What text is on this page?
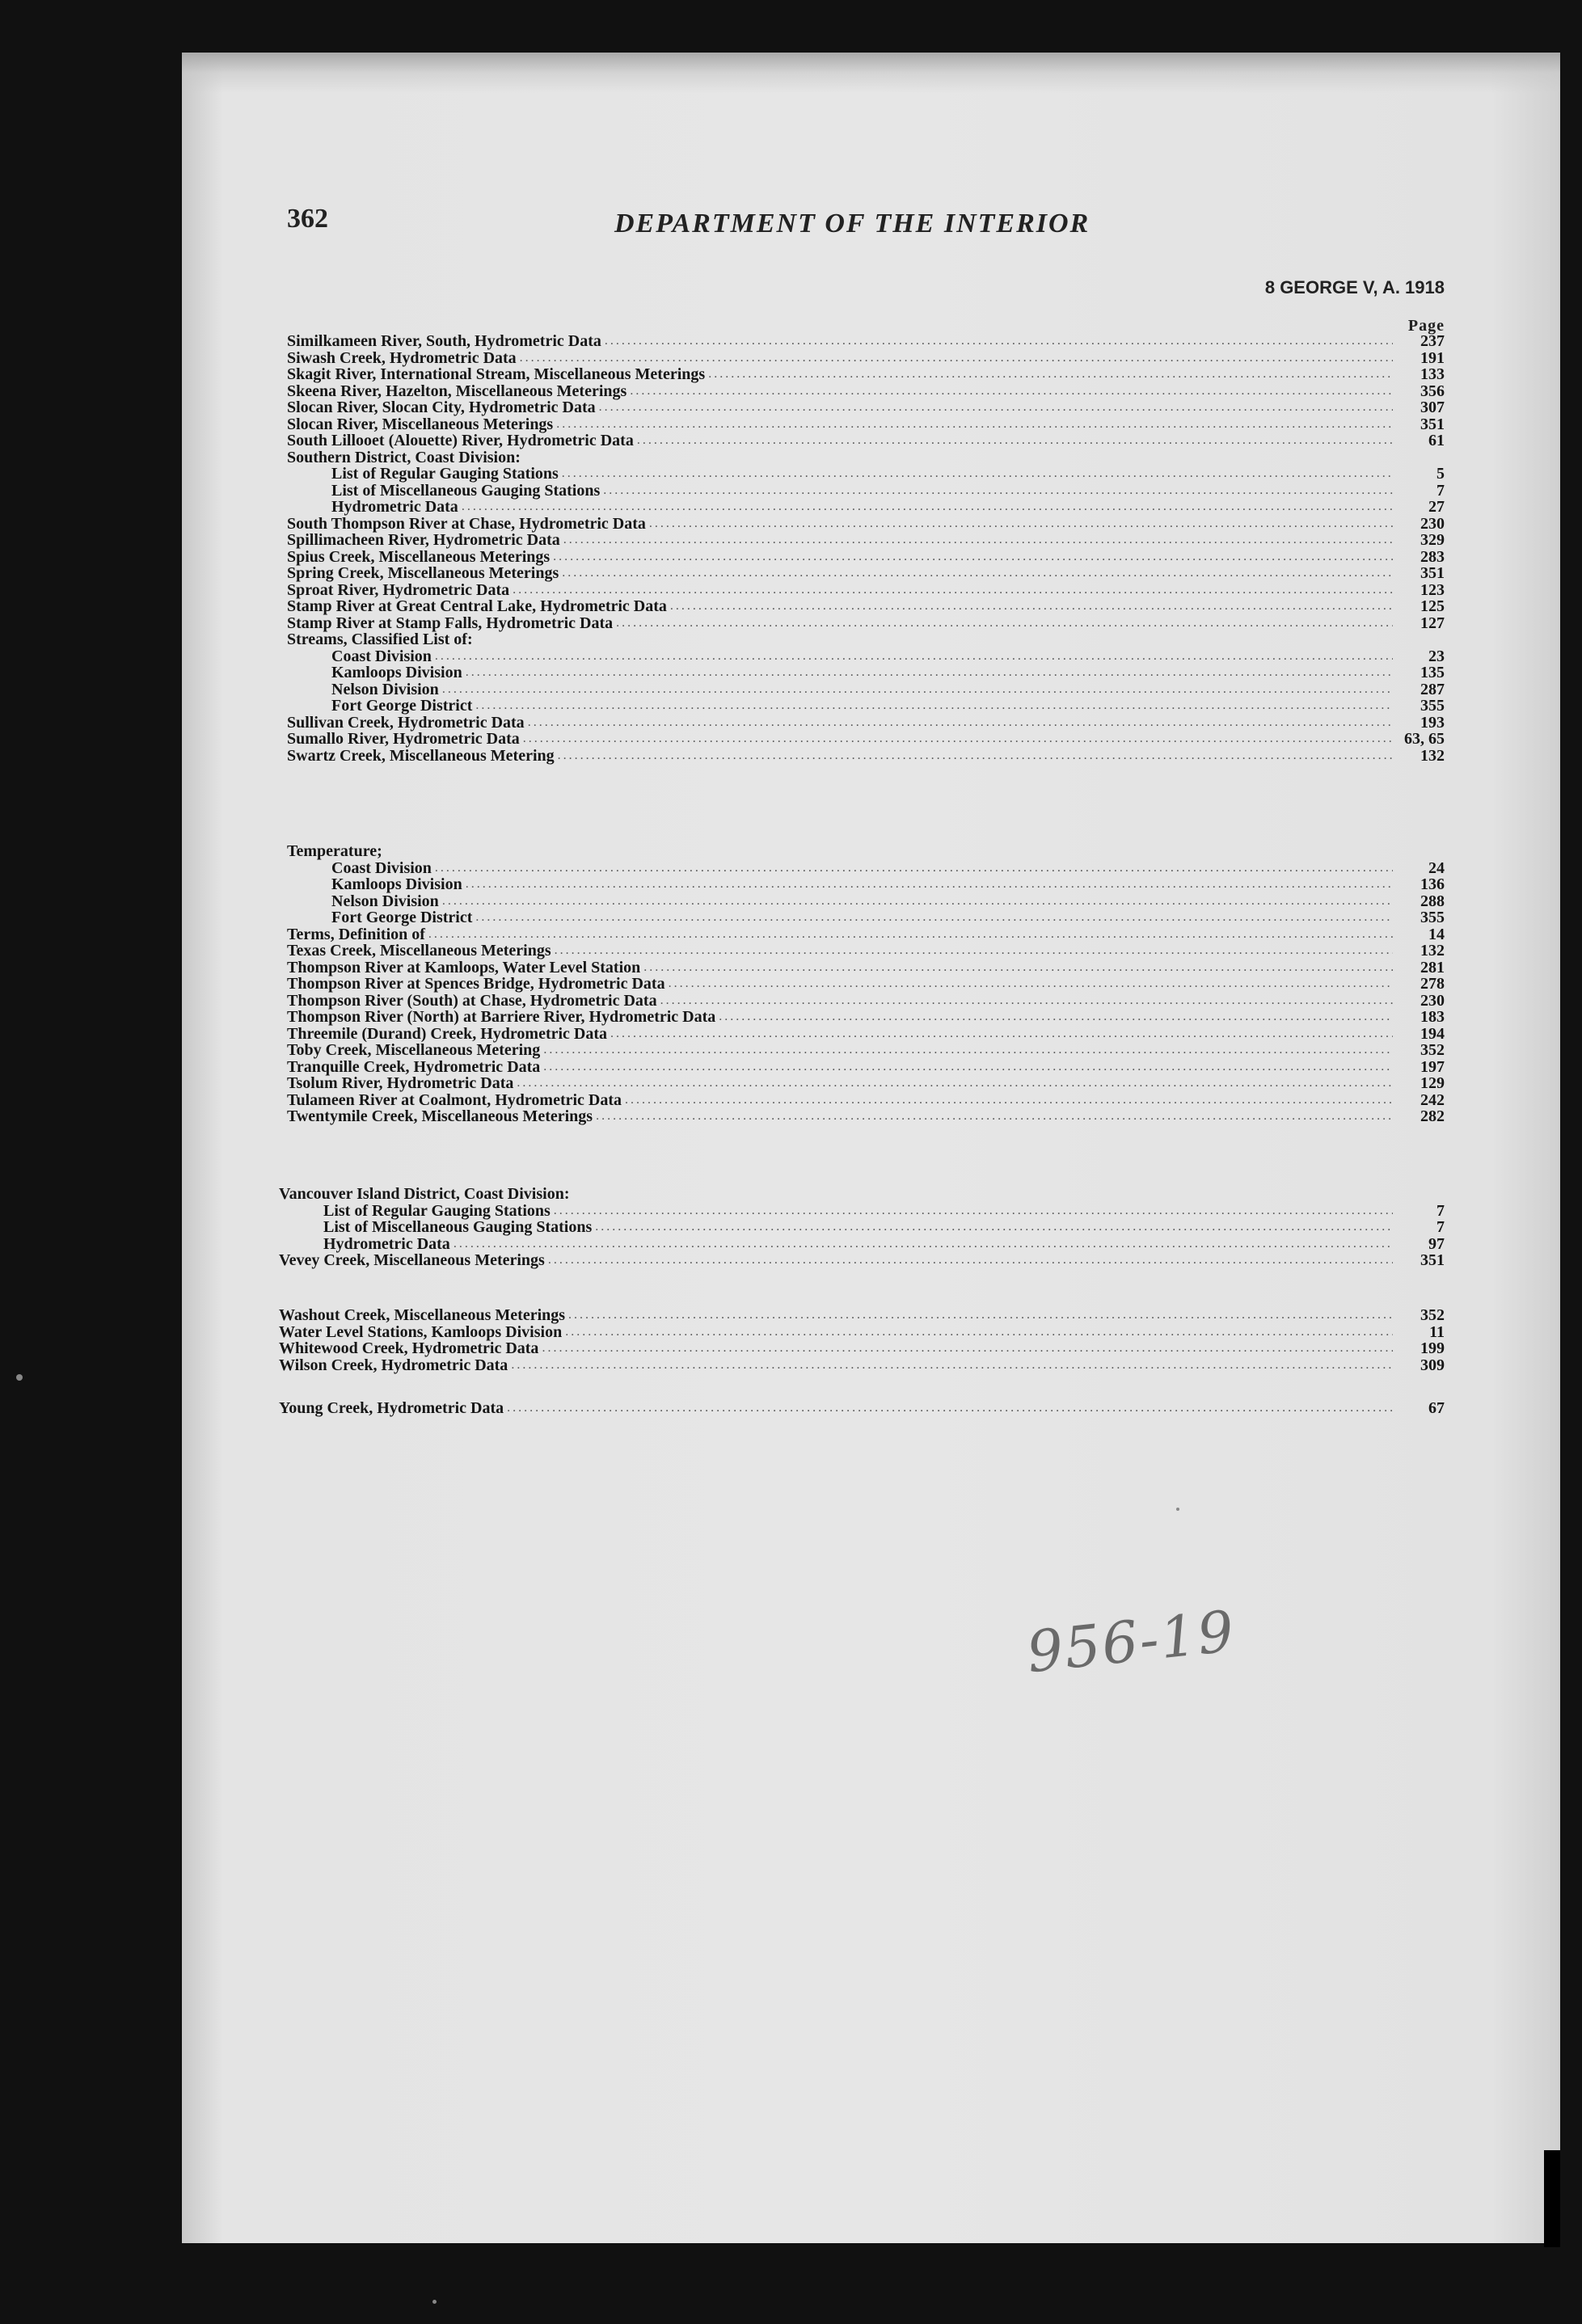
362	DEPARTMENT OF THE INTERIOR
8 GEORGE V, A. 1918
Page
Similkameen River, South, Hydrometric Data .....	237
Siwash Creek, Hydrometric Data .....	191
Skagit River, International Stream, Miscellaneous Meterings .....	133
Skeena River, Hazelton, Miscellaneous Meterings .....	356
Slocan River, Slocan City, Hydrometric Data .....	307
Slocan River, Miscellaneous Meterings .....	351
South Lillooet (Alouette) River, Hydrometric Data .....	61
Southern District, Coast Division:
List of Regular Gauging Stations .....	5
List of Miscellaneous Gauging Stations .....	7
Hydrometric Data .....	27
South Thompson River at Chase, Hydrometric Data .....	230
Spillimacheen River, Hydrometric Data .....	329
Spius Creek, Miscellaneous Meterings .....	283
Spring Creek, Miscellaneous Meterings .....	351
Sproat River, Hydrometric Data .....	123
Stamp River at Great Central Lake, Hydrometric Data .....	125
Stamp River at Stamp Falls, Hydrometric Data .....	127
Streams, Classified List of:
Coast Division .....	23
Kamloops Division .....	135
Nelson Division .....	287
Fort George District .....	355
Sullivan Creek, Hydrometric Data .....	193
Sumallo River, Hydrometric Data .....	63, 65
Swartz Creek, Miscellaneous Metering .....	132
Temperature;
Coast Division .....	24
Kamloops Division .....	136
Nelson Division .....	288
Fort George District .....	355
Terms, Definition of .....	14
Texas Creek, Miscellaneous Meterings .....	132
Thompson River at Kamloops, Water Level Station .....	281
Thompson River at Spences Bridge, Hydrometric Data .....	278
Thompson River (South) at Chase, Hydrometric Data .....	230
Thompson River (North) at Barriere River, Hydrometric Data .....	183
Threemile (Durand) Creek, Hydrometric Data .....	194
Toby Creek, Miscellaneous Metering .....	352
Tranquille Creek, Hydrometric Data .....	197
Tsolum River, Hydrometric Data .....	129
Tulameen River at Coalmont, Hydrometric Data .....	242
Twentymile Creek, Miscellaneous Meterings .....	282
Vancouver Island District, Coast Division:
List of Regular Gauging Stations .....	7
List of Miscellaneous Gauging Stations .....	7
Hydrometric Data .....	97
Vevey Creek, Miscellaneous Meterings .....	351
Washout Creek, Miscellaneous Meterings .....	352
Water Level Stations, Kamloops Division .....	11
Whitewood Creek, Hydrometric Data .....	199
Wilson Creek, Hydrometric Data .....	309
Young Creek, Hydrometric Data .....	67
956-19
